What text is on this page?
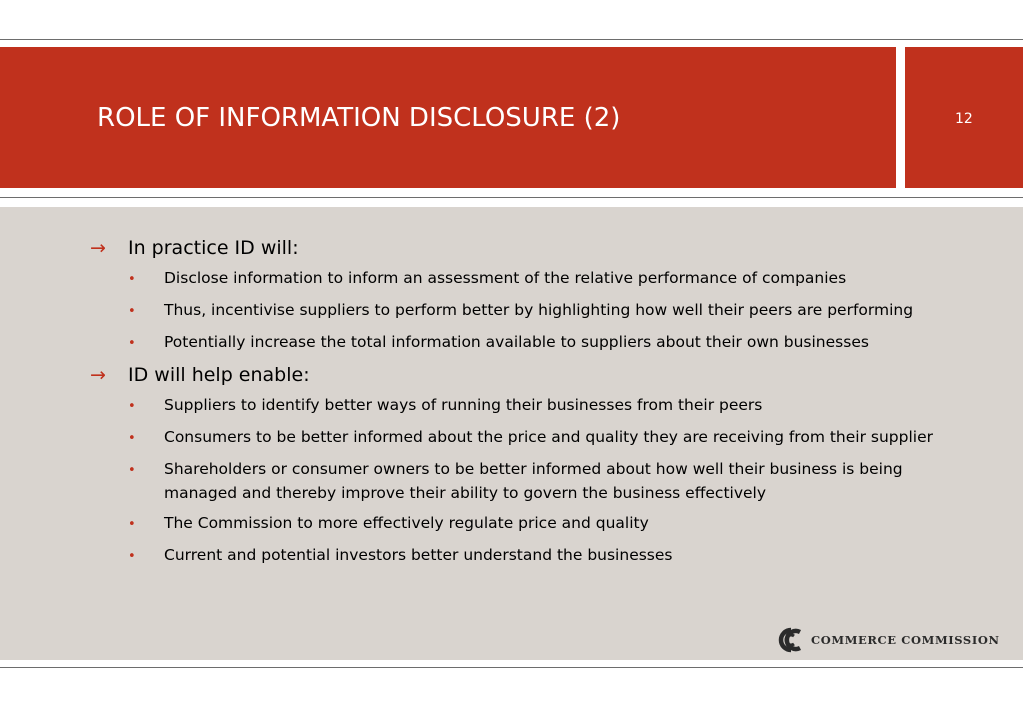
ROLE OF INFORMATION DISCLOSURE (2)	12
→	In practice ID will:
•	Disclose information to inform an assessment of the relative performance of companies
•	Thus, incentivise suppliers to perform better by highlighting how well their peers are performing
•	Potentially increase the total information available to suppliers about their own businesses
→	ID will help enable:
•	Suppliers to identify better ways of running their businesses from their peers
•	Consumers to be better informed about the price and quality they are receiving from their supplier
•	Shareholders or consumer owners to be better informed about how well their business is being managed and thereby improve their ability to govern the business effectively
•	The Commission to more effectively regulate price and quality
•	Current and potential investors better understand the businesses
COMMERCE COMMISSION
